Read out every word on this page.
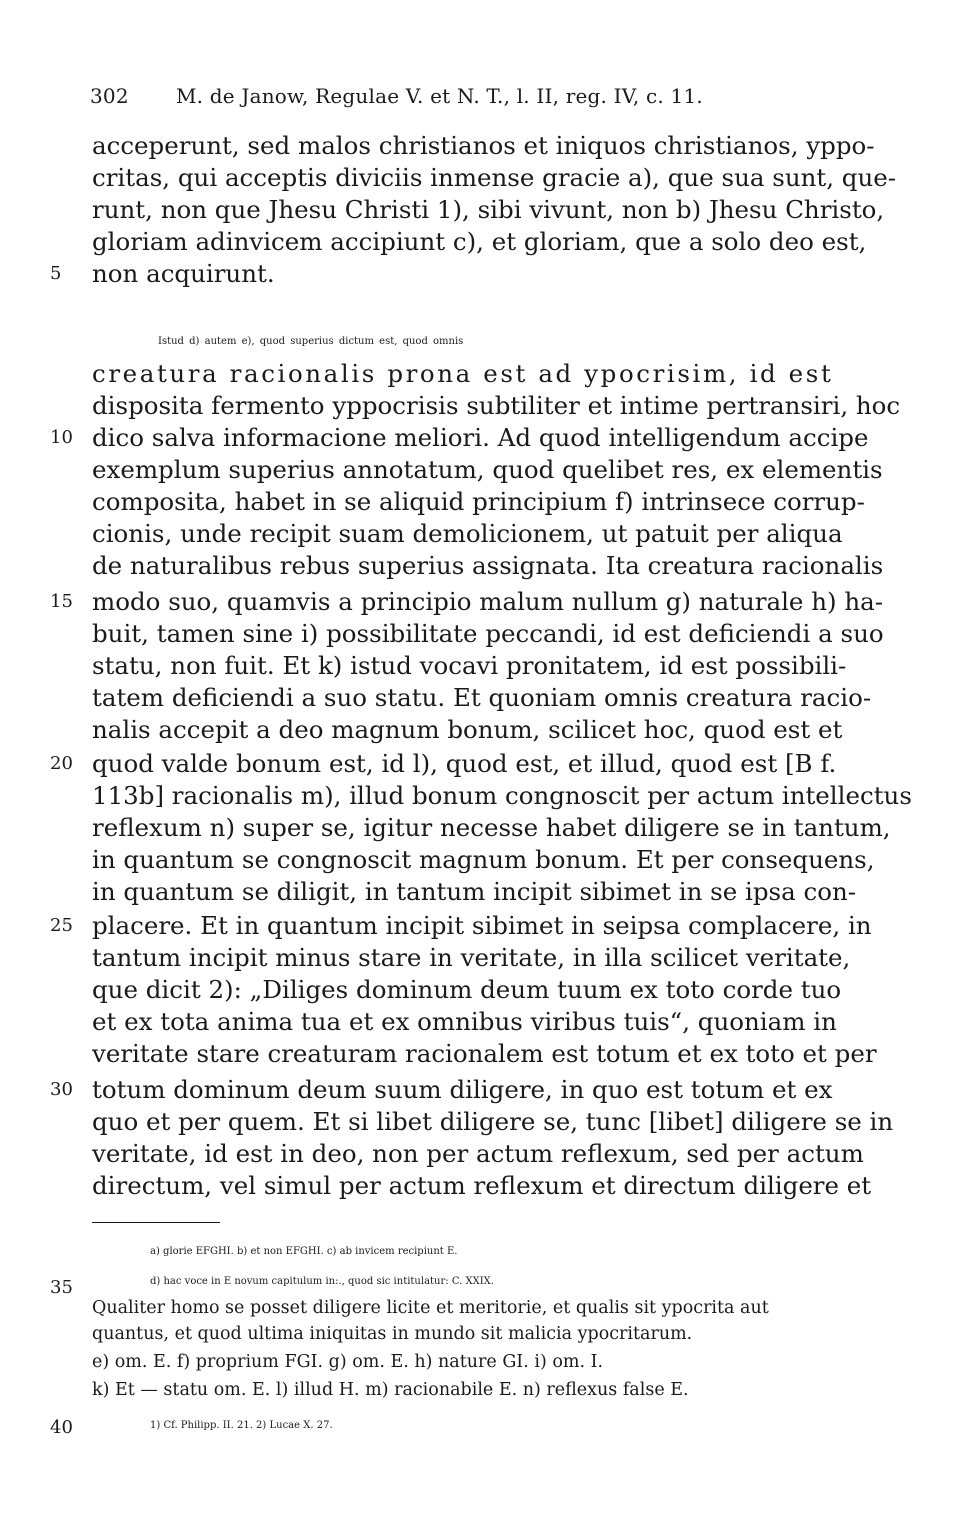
302 M. de Janow, Regulae V. et N. T., l. II, reg. IV, c. 11.
acceperunt, sed malos christianos et iniquos christianos, yppo-
critas, qui acceptis diviciis inmense gracie a), que sua sunt, que-
runt, non que Jhesu Christi 1), sibi vivunt, non b) Jhesu Christo,
gloriam adinvicem accipiunt c), et gloriam, que a solo deo est,
5	non acquirunt.
Istud d) autem e), quod superius dictum est, quod omnis
creatura racionalis prona est ad ypocrisim, id est
disposita fermento yppocrisis subtiliter et intime pertransiri, hoc
10 dico salva informacione meliori. Ad quod intelligendum accipe
exemplum superius annotatum, quod quelibet res, ex elementis
composita, habet in se aliquid principium f) intrinsece corrup-
cionis, unde recipit suam demolicionem, ut patuit per aliqua
de naturalibus rebus superius assignata. Ita creatura racionalis
15 modo suo, quamvis a principio malum nullum g) naturale h) ha-
buit, tamen sine i) possibilitate peccandi, id est deficiendi a suo
statu, non fuit. Et k) istud vocavi pronitatem, id est possibili-
tatem deficiendi a suo statu. Et quoniam omnis creatura racio-
nalis accepit a deo magnum bonum, scilicet hoc, quod est et
20 quod valde bonum est, id l), quod est, et illud, quod est [B f.
113b] racionalis m), illud bonum congnoscit per actum intellectus
reflexum n) super se, igitur necesse habet diligere se in tantum,
in quantum se congnoscit magnum bonum. Et per consequens,
in quantum se diligit, in tantum incipit sibimet in se ipsa con-
25 placere. Et in quantum incipit sibimet in seipsa complacere, in
tantum incipit minus stare in veritate, in illa scilicet veritate,
que dicit 2): „Diliges dominum deum tuum ex toto corde tuo
et ex tota anima tua et ex omnibus viribus tuis“, quoniam in
veritate stare creaturam racionalem est totum et ex toto et per
30 totum dominum deum suum diligere, in quo est totum et ex
quo et per quem. Et si libet diligere se, tunc [libet] diligere se in
veritate, id est in deo, non per actum reflexum, sed per actum
directum, vel simul per actum reflexum et directum diligere et
a) glorie EFGHI. b) et non EFGHI. c) ab invicem recipiunt E.
35	d) hac voce in E novum capitulum in:., quod sic intitulatur: C. XXIX.
Qualiter homo se posset diligere licite et meritorie, et qualis sit ypocrita aut
quantus, et quod ultima iniquitas in mundo sit malicia ypocritarum.
e) om. E. f) proprium FGI. g) om. E. h) nature GI. i) om. I.
k) Et — statu om. E. l) illud H. m) racionabile E. n) reflexus false E.
40	1) Cf. Philipp. II. 21. 2) Lucae X. 27.
